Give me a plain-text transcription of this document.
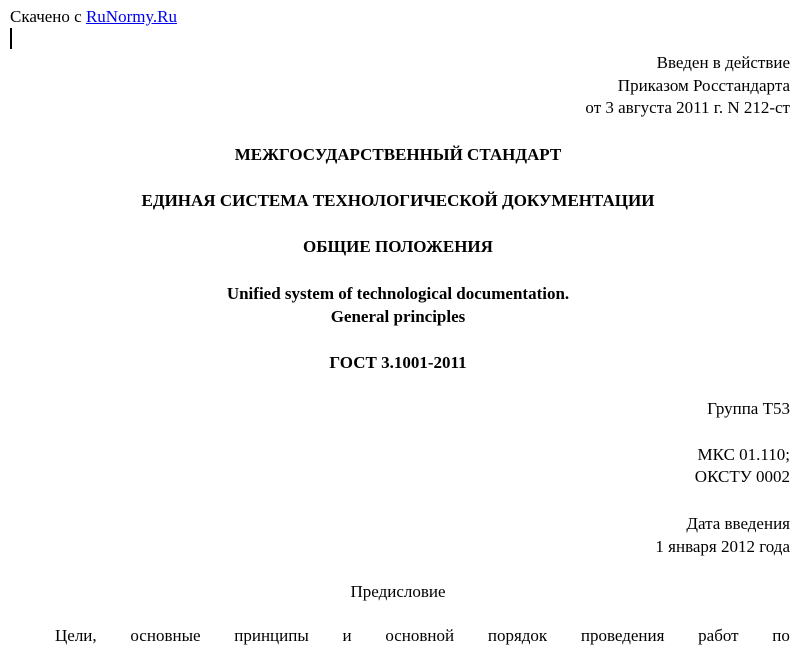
Скачено с RuNormy.Ru
Введен в действие
Приказом Росстандарта
от 3 августа 2011 г. N 212-ст
МЕЖГОСУДАРСТВЕННЫЙ СТАНДАРТ
ЕДИНАЯ СИСТЕМА ТЕХНОЛОГИЧЕСКОЙ ДОКУМЕНТАЦИИ
ОБЩИЕ ПОЛОЖЕНИЯ
Unified system of technological documentation.
General principles
ГОСТ 3.1001-2011
Группа Т53
МКС 01.110;
ОКСТУ 0002
Дата введения
1 января 2012 года
Предисловие
Цели, основные принципы и основной порядок проведения работ по
